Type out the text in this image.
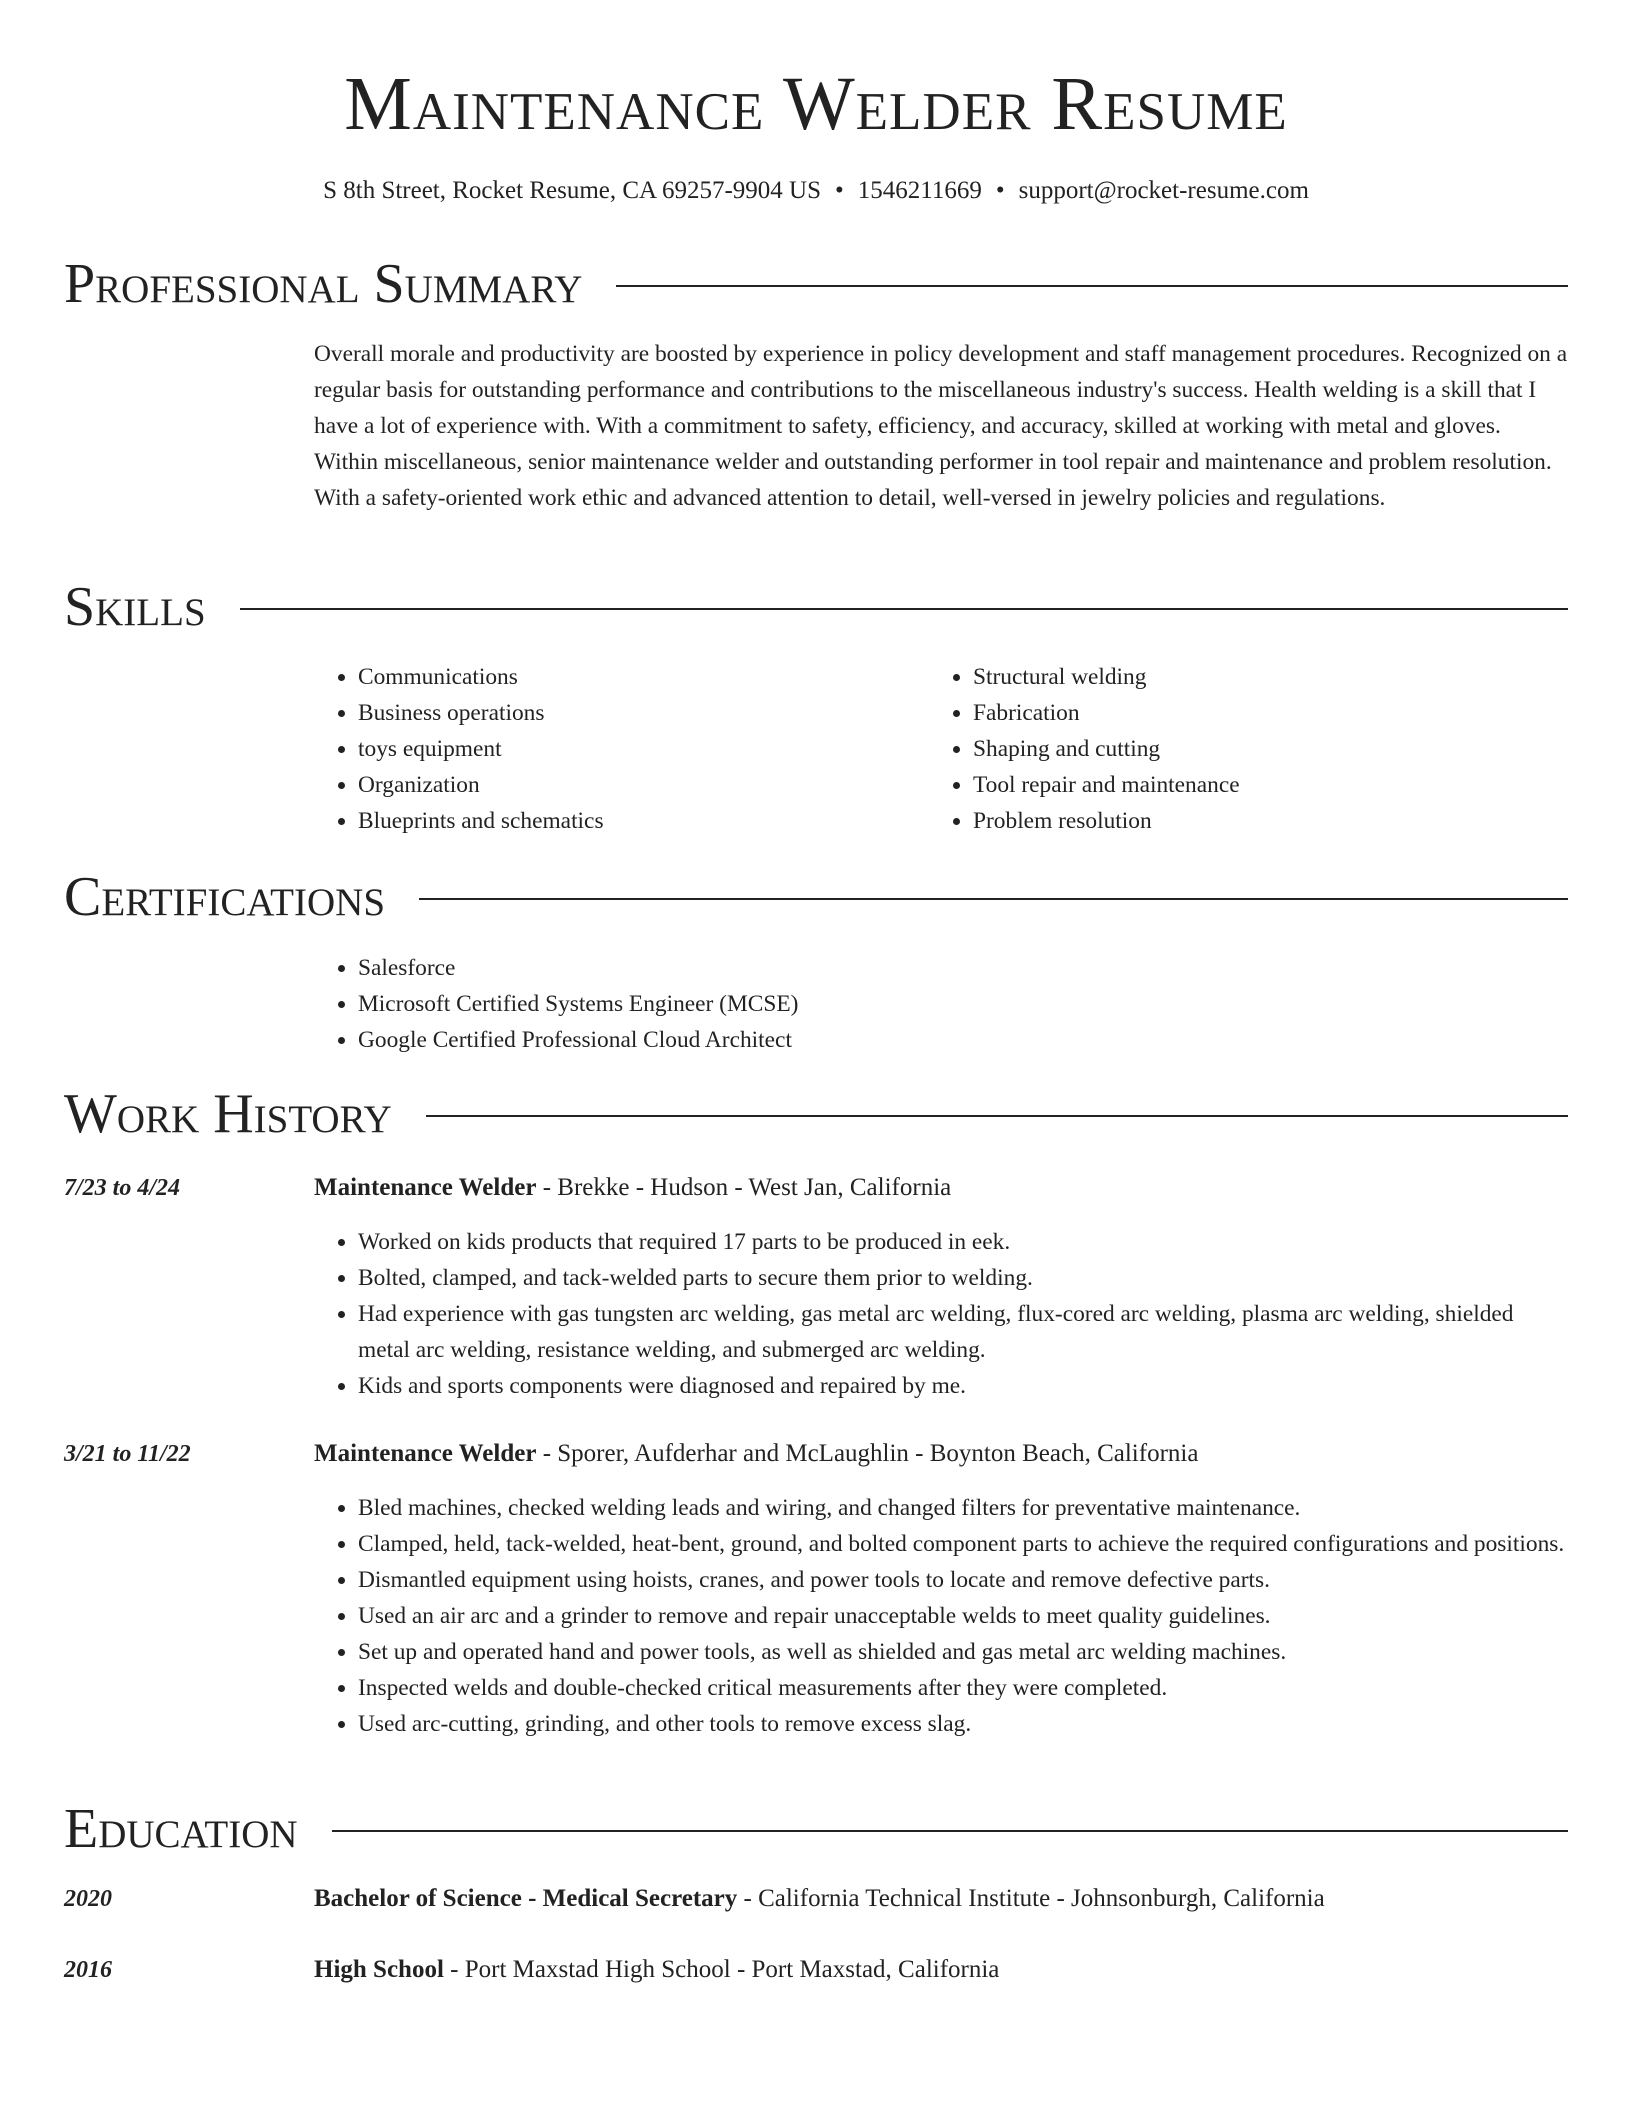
Maintenance Welder Resume
S 8th Street, Rocket Resume, CA 69257-9904 US • 1546211669 • support@rocket-resume.com
Professional Summary
Overall morale and productivity are boosted by experience in policy development and staff management procedures. Recognized on a regular basis for outstanding performance and contributions to the miscellaneous industry's success. Health welding is a skill that I have a lot of experience with. With a commitment to safety, efficiency, and accuracy, skilled at working with metal and gloves. Within miscellaneous, senior maintenance welder and outstanding performer in tool repair and maintenance and problem resolution. With a safety-oriented work ethic and advanced attention to detail, well-versed in jewelry policies and regulations.
Skills
• Communications
• Business operations
• toys equipment
• Organization
• Blueprints and schematics
• Structural welding
• Fabrication
• Shaping and cutting
• Tool repair and maintenance
• Problem resolution
Certifications
• Salesforce
• Microsoft Certified Systems Engineer (MCSE)
• Google Certified Professional Cloud Architect
Work History
7/23 to 4/24	Maintenance Welder - Brekke - Hudson - West Jan, California
• Worked on kids products that required 17 parts to be produced in eek.
• Bolted, clamped, and tack-welded parts to secure them prior to welding.
• Had experience with gas tungsten arc welding, gas metal arc welding, flux-cored arc welding, plasma arc welding, shielded metal arc welding, resistance welding, and submerged arc welding.
• Kids and sports components were diagnosed and repaired by me.
3/21 to 11/22	Maintenance Welder - Sporer, Aufderhar and McLaughlin - Boynton Beach, California
• Bled machines, checked welding leads and wiring, and changed filters for preventative maintenance.
• Clamped, held, tack-welded, heat-bent, ground, and bolted component parts to achieve the required configurations and positions.
• Dismantled equipment using hoists, cranes, and power tools to locate and remove defective parts.
• Used an air arc and a grinder to remove and repair unacceptable welds to meet quality guidelines.
• Set up and operated hand and power tools, as well as shielded and gas metal arc welding machines.
• Inspected welds and double-checked critical measurements after they were completed.
• Used arc-cutting, grinding, and other tools to remove excess slag.
Education
2020	Bachelor of Science - Medical Secretary - California Technical Institute - Johnsonburgh, California
2016	High School - Port Maxstad High School - Port Maxstad, California
